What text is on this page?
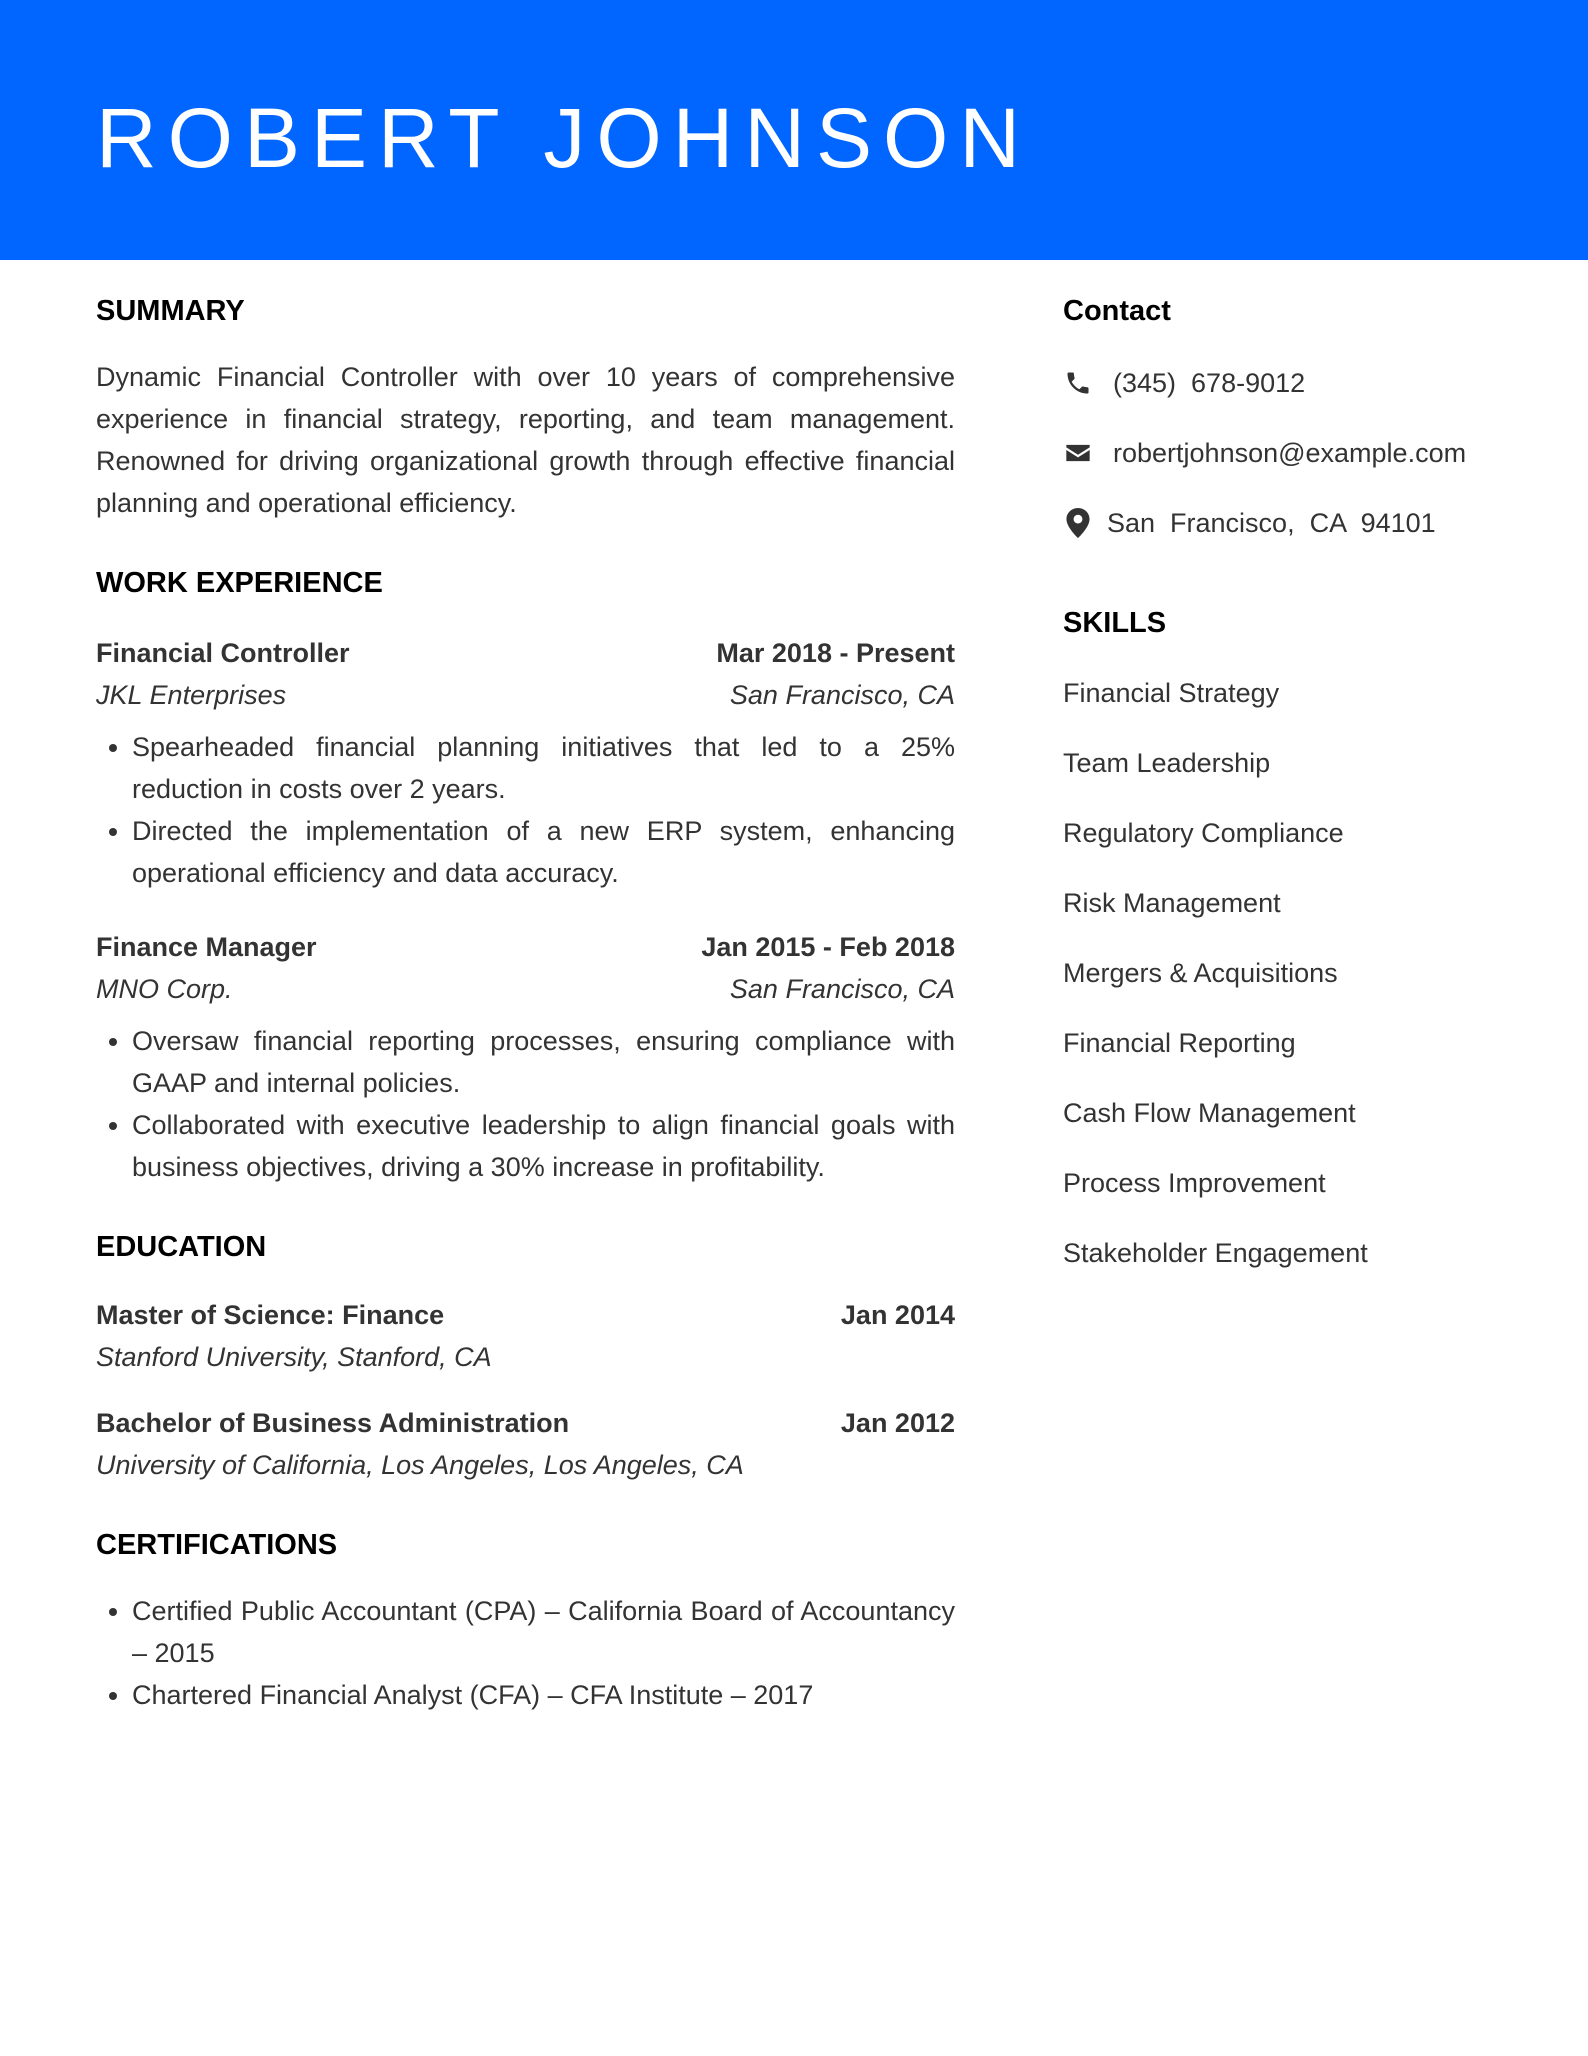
ROBERT JOHNSON
SUMMARY
Dynamic Financial Controller with over 10 years of comprehensive experience in financial strategy, reporting, and team management. Renowned for driving organizational growth through effective financial planning and operational efficiency.
WORK EXPERIENCE
Financial Controller	Mar 2018 - Present
JKL Enterprises	San Francisco, CA
• Spearheaded financial planning initiatives that led to a 25% reduction in costs over 2 years.
• Directed the implementation of a new ERP system, enhancing operational efficiency and data accuracy.
Finance Manager	Jan 2015 - Feb 2018
MNO Corp.	San Francisco, CA
• Oversaw financial reporting processes, ensuring compliance with GAAP and internal policies.
• Collaborated with executive leadership to align financial goals with business objectives, driving a 30% increase in profitability.
EDUCATION
Master of Science: Finance	Jan 2014
Stanford University, Stanford, CA
Bachelor of Business Administration	Jan 2012
University of California, Los Angeles, Los Angeles, CA
CERTIFICATIONS
• Certified Public Accountant (CPA) – California Board of Accountancy – 2015
• Chartered Financial Analyst (CFA) – CFA Institute – 2017
Contact
(345)  678-9012
robertjohnson@example.com
San  Francisco,  CA  94101
SKILLS
Financial Strategy
Team Leadership
Regulatory Compliance
Risk Management
Mergers & Acquisitions
Financial Reporting
Cash Flow Management
Process Improvement
Stakeholder Engagement
